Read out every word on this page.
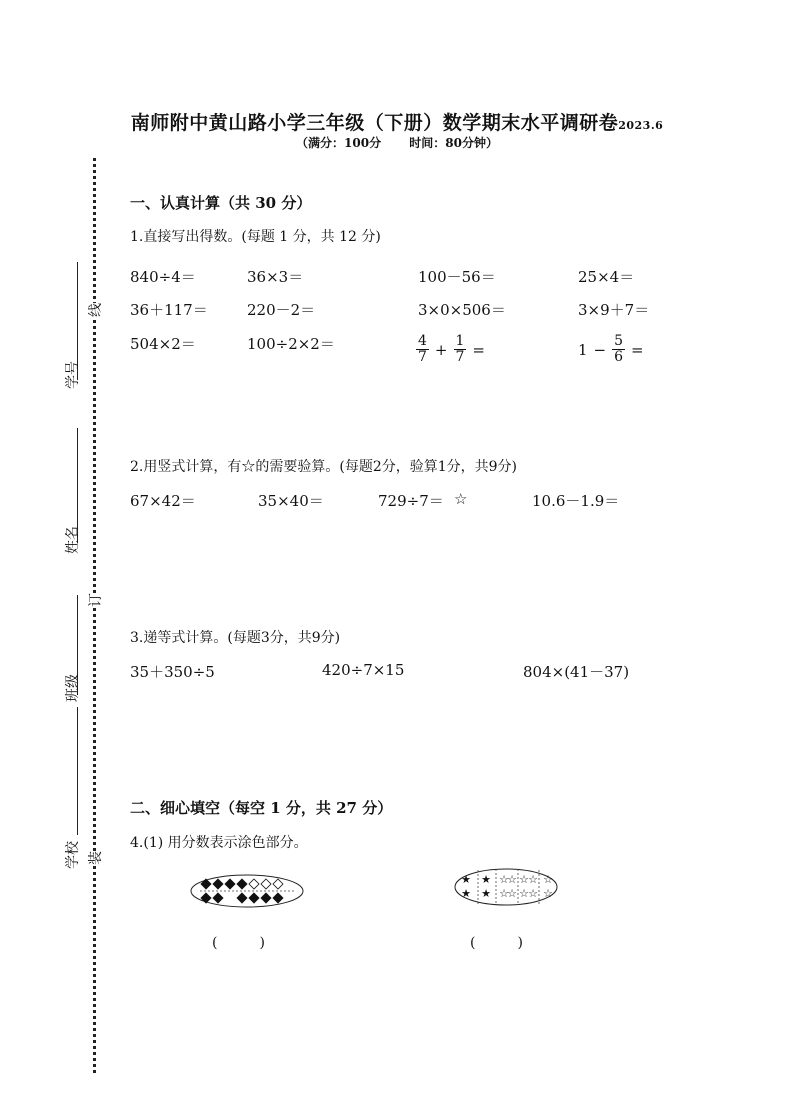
南师附中黄山路小学三年级（下册）数学期末水平调研卷2023.6
（满分：100分 时间：80分钟）
学号
姓名
班级
学校
线
订
装
一、认真计算（共 30 分）
1.直接写出得数。(每题 1 分，共 12 分)
840÷4＝	36×3＝	100－56＝	25×4＝
36＋117＝	220－2＝	3×0×506＝	3×9＋7＝
504×2＝	100÷2×2＝	$\frac{4}{7} + \frac{1}{7}$ =	$1 - \frac{5}{6}$ =
2.用竖式计算，有☆的需要验算。(每题2分，验算1分，共9分)
67×42＝	35×40＝	729÷7＝ ☆	10.6－1.9＝
3.递等式计算。(每题3分，共9分)
35＋350÷5	420÷7×15	804×(41－37)
二、细心填空（每空 1 分，共 27 分）
4.(1) 用分数表示涂色部分。
★ ★
★ ★
☆
☆
☆
☆
☆ ☆
☆ ☆
☆
☆
(　　　)	(　　　)
